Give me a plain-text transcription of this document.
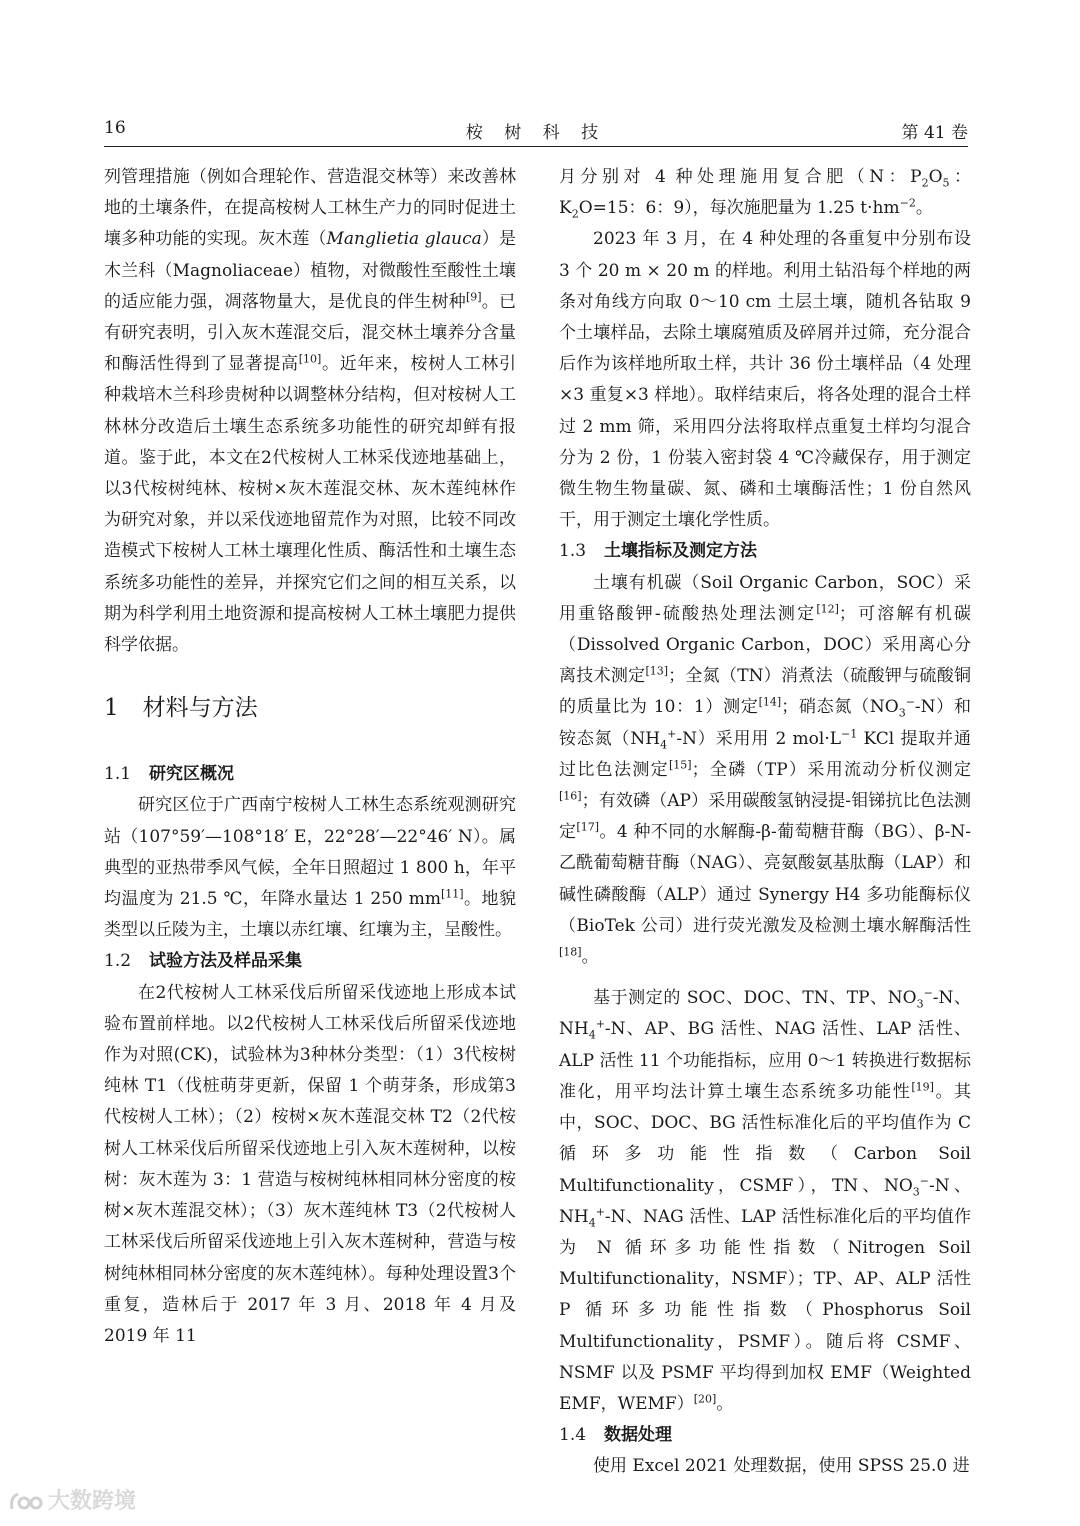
16	桉 树 科 技	第 41 卷

列管理措施（例如合理轮作、营造混交林等）来改善林地的土壤条件，在提高桉树人工林生产力的同时促进土壤多种功能的实现。灰木莲（Manglietia glauca）是木兰科（Magnoliaceae）植物，对微酸性至酸性土壤的适应能力强，凋落物量大，是优良的伴生树种[9]。已有研究表明，引入灰木莲混交后，混交林土壤养分含量和酶活性得到了显著提高[10]。近年来，桉树人工林引种栽培木兰科珍贵树种以调整林分结构，但对桉树人工林林分改造后土壤生态系统多功能性的研究却鲜有报道。鉴于此，本文在2代桉树人工林采伐迹地基础上，以3代桉树纯林、桉树×灰木莲混交林、灰木莲纯林作为研究对象，并以采伐迹地留荒作为对照，比较不同改造模式下桉树人工林土壤理化性质、酶活性和土壤生态系统多功能性的差异，并探究它们之间的相互关系，以期为科学利用土地资源和提高桉树人工林土壤肥力提供科学依据。

1 材料与方法

1.1 研究区概况

研究区位于广西南宁桉树人工林生态系统观测研究站（107°59′—108°18′ E，22°28′—22°46′ N）。属典型的亚热带季风气候，全年日照超过 1 800 h，年平均温度为 21.5 ℃，年降水量达 1 250 mm[11]。地貌类型以丘陵为主，土壤以赤红壤、红壤为主，呈酸性。

1.2 试验方法及样品采集

在2代桉树人工林采伐后所留采伐迹地上形成本试验布置前样地。以2代桉树人工林采伐后所留采伐迹地作为对照(CK)，试验林为3种林分类型：（1）3代桉树纯林 T1（伐桩萌芽更新，保留 1 个萌芽条，形成第3代桉树人工林）；（2）桉树×灰木莲混交林 T2（2代桉树人工林采伐后所留采伐迹地上引入灰木莲树种，以桉树：灰木莲为 3：1 营造与桉树纯林相同林分密度的桉树×灰木莲混交林）；（3）灰木莲纯林 T3（2代桉树人工林采伐后所留采伐迹地上引入灰木莲树种，营造与桉树纯林相同林分密度的灰木莲纯林）。每种处理设置3个重复，造林后于 2017 年 3 月、2018 年 4 月及 2019 年 11

月分别对 4 种处理施用复合肥（N：$P_2O_5$：$K_2O=15$：6：9），每次施肥量为 1.25 $t\cdot hm^{-2}$。

2023 年 3 月，在 4 种处理的各重复中分别布设 3 个 20 m × 20 m 的样地。利用土钻沿每个样地的两条对角线方向取 0～10 cm 土层土壤，随机各钻取 9 个土壤样品，去除土壤腐殖质及碎屑并过筛，充分混合后作为该样地所取土样，共计 36 份土壤样品（4 处理×3 重复×3 样地）。取样结束后，将各处理的混合土样过 2 mm 筛，采用四分法将取样点重复土样均匀混合分为 2 份，1 份装入密封袋 4 ℃冷藏保存，用于测定微生物生物量碳、氮、磷和土壤酶活性；1 份自然风干，用于测定土壤化学性质。

1.3 土壤指标及测定方法

土壤有机碳（Soil Organic Carbon，SOC）采用重铬酸钾-硫酸热处理法测定[12]；可溶解有机碳（Dissolved Organic Carbon，DOC）采用离心分离技术测定[13]；全氮（TN）消煮法（硫酸钾与硫酸铜的质量比为 10：1）测定[14]；硝态氮$(NO_3^--N)$和铵态氮$(NH_4^+-N)$采用用 2 $mol\cdot L^{-1}$ KCl 提取并通过比色法测定[15]；全磷（TP）采用流动分析仪测定[16]；有效磷（AP）采用碳酸氢钠浸提-钼锑抗比色法测定[17]。4 种不同的水解酶-β-葡萄糖苷酶（BG）、β-N-乙酰葡萄糖苷酶（NAG）、亮氨酸氨基肽酶（LAP）和碱性磷酸酶（ALP）通过 Synergy H4 多功能酶标仪（BioTek 公司）进行荧光激发及检测土壤水解酶活性[18]。

基于测定的 SOC、DOC、TN、TP、$NO_3^--N$、$NH_4^+-N$、AP、BG 活性、NAG 活性、LAP 活性、ALP 活性 11 个功能指标，应用 0～1 转换进行数据标准化，用平均法计算土壤生态系统多功能性[19]。其中，SOC、DOC、BG 活性标准化后的平均值作为 C 循环多功能性指数（Carbon Soil Multifunctionality，CSMF），TN、$NO_3^--N$、$NH_4^+-N$、NAG 活性、LAP 活性标准化后的平均值作为 N 循环多功能性指数（Nitrogen Soil Multifunctionality，NSMF）；TP、AP、ALP 活性 P 循环多功能性指数（Phosphorus Soil Multifunctionality，PSMF）。随后将 CSMF、NSMF 以及 PSMF 平均得到加权 EMF（Weighted EMF，WEMF）[20]。

1.4 数据处理

使用 Excel 2021 处理数据，使用 SPSS 25.0 进

大数跨境
